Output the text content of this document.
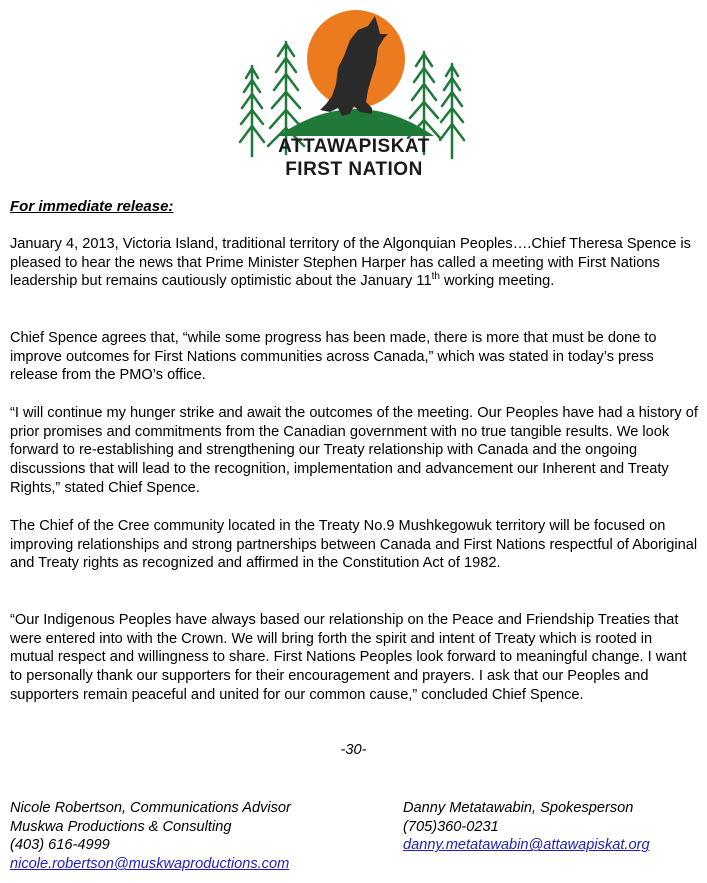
ATTAWAPISKAT
FIRST NATION
For immediate release:

January 4, 2013, Victoria Island, traditional territory of the Algonquian Peoples….Chief Theresa Spence is pleased to hear the news that Prime Minister Stephen Harper has called a meeting with First Nations leadership but remains cautiously optimistic about the January 11th working meeting.

Chief Spence agrees that, “while some progress has been made, there is more that must be done to improve outcomes for First Nations communities across Canada,” which was stated in today’s press release from the PMO’s office.

“I will continue my hunger strike and await the outcomes of the meeting. Our Peoples have had a history of prior promises and commitments from the Canadian government with no true tangible results. We look forward to re-establishing and strengthening our Treaty relationship with Canada and the ongoing discussions that will lead to the recognition, implementation and advancement our Inherent and Treaty Rights,” stated Chief Spence.

The Chief of the Cree community located in the Treaty No.9 Mushkegowuk territory will be focused on improving relationships and strong partnerships between Canada and First Nations respectful of Aboriginal and Treaty rights as recognized and affirmed in the Constitution Act of 1982.

“Our Indigenous Peoples have always based our relationship on the Peace and Friendship Treaties that were entered into with the Crown. We will bring forth the spirit and intent of Treaty which is rooted in mutual respect and willingness to share. First Nations Peoples look forward to meaningful change. I want to personally thank our supporters for their encouragement and prayers. I ask that our Peoples and supporters remain peaceful and united for our common cause,” concluded Chief Spence.

-30-
Nicole Robertson, Communications Advisor
Muskwa Productions & Consulting
(403) 616-4999
nicole.robertson@muskwaproductions.com
Danny Metatawabin, Spokesperson
(705)360-0231
danny.metatawabin@attawapiskat.org
